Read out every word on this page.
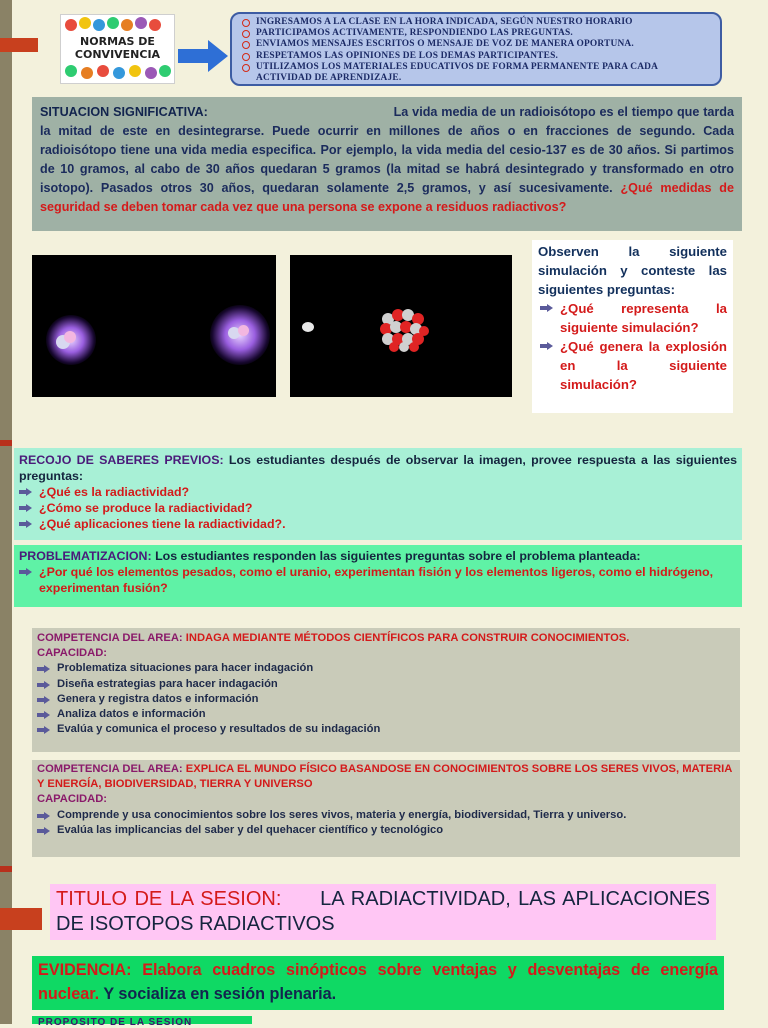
NORMAS DE CONVIVENCIA
INGRESAMOS A LA CLASE EN LA HORA INDICADA, SEGÚN NUESTRO HORARIO
PARTICIPAMOS ACTIVAMENTE, RESPONDIENDO LAS PREGUNTAS.
ENVIAMOS MENSAJES ESCRITOS O MENSAJE DE VOZ DE MANERA OPORTUNA.
RESPETAMOS LAS OPINIONES DE LOS DEMAS PARTICIPANTES.
UTILIZAMOS LOS MATERIALES EDUCATIVOS DE FORMA PERMANENTE PARA CADA ACTIVIDAD DE APRENDIZAJE.
SITUACION SIGNIFICATIVA:	La vida media de un radioisótopo es el tiempo que tarda la mitad de este en desintegrarse. Puede ocurrir en millones de años o en fracciones de segundo. Cada radioisótopo tiene una vida media especifica. Por ejemplo, la vida media del cesio-137 es de 30 años. Si partimos de 10 gramos, al cabo de 30 años quedaran 5 gramos (la mitad se habrá desintegrado y transformado en otro isotopo). Pasados otros 30 años, quedaran solamente 2,5 gramos, y así sucesivamente. ¿Qué medidas de seguridad se deben tomar cada vez que una persona se expone a residuos radiactivos?
Observen la siguiente simulación y conteste las siguientes preguntas:
¿Qué representa la siguiente simulación?
¿Qué genera la explosión en la siguiente simulación?
RECOJO DE SABERES PREVIOS: Los estudiantes después de observar la imagen, provee respuesta a las siguientes preguntas:
¿Qué es la radiactividad?
¿Cómo se produce la radiactividad?
¿Qué aplicaciones tiene la radiactividad?.
PROBLEMATIZACION: Los estudiantes responden las siguientes preguntas sobre el problema planteada:
¿Por qué los elementos pesados, como el uranio, experimentan fisión y los elementos ligeros, como el hidrógeno, experimentan fusión?
COMPETENCIA DEL AREA: INDAGA MEDIANTE MÉTODOS CIENTÍFICOS PARA CONSTRUIR CONOCIMIENTOS.
CAPACIDAD:
Problematiza situaciones para hacer indagación
Diseña estrategias para hacer indagación
Genera y registra datos e información
Analiza datos e información
Evalúa y comunica el proceso y resultados de su indagación
COMPETENCIA DEL AREA: EXPLICA EL MUNDO FÍSICO BASANDOSE EN CONOCIMIENTOS SOBRE LOS SERES VIVOS, MATERIA Y ENERGÍA, BIODIVERSIDAD, TIERRA Y UNIVERSO
CAPACIDAD:
Comprende y usa conocimientos sobre los seres vivos, materia y energía, biodiversidad, Tierra y universo.
Evalúa las implicancias del saber y del quehacer científico y tecnológico
TITULO DE LA SESION: LA RADIACTIVIDAD, LAS APLICACIONES DE ISOTOPOS RADIACTIVOS
EVIDENCIA: Elabora cuadros sinópticos sobre ventajas y desventajas de energía nuclear. Y socializa en sesión plenaria.
PROPOSITO DE LA SESION
